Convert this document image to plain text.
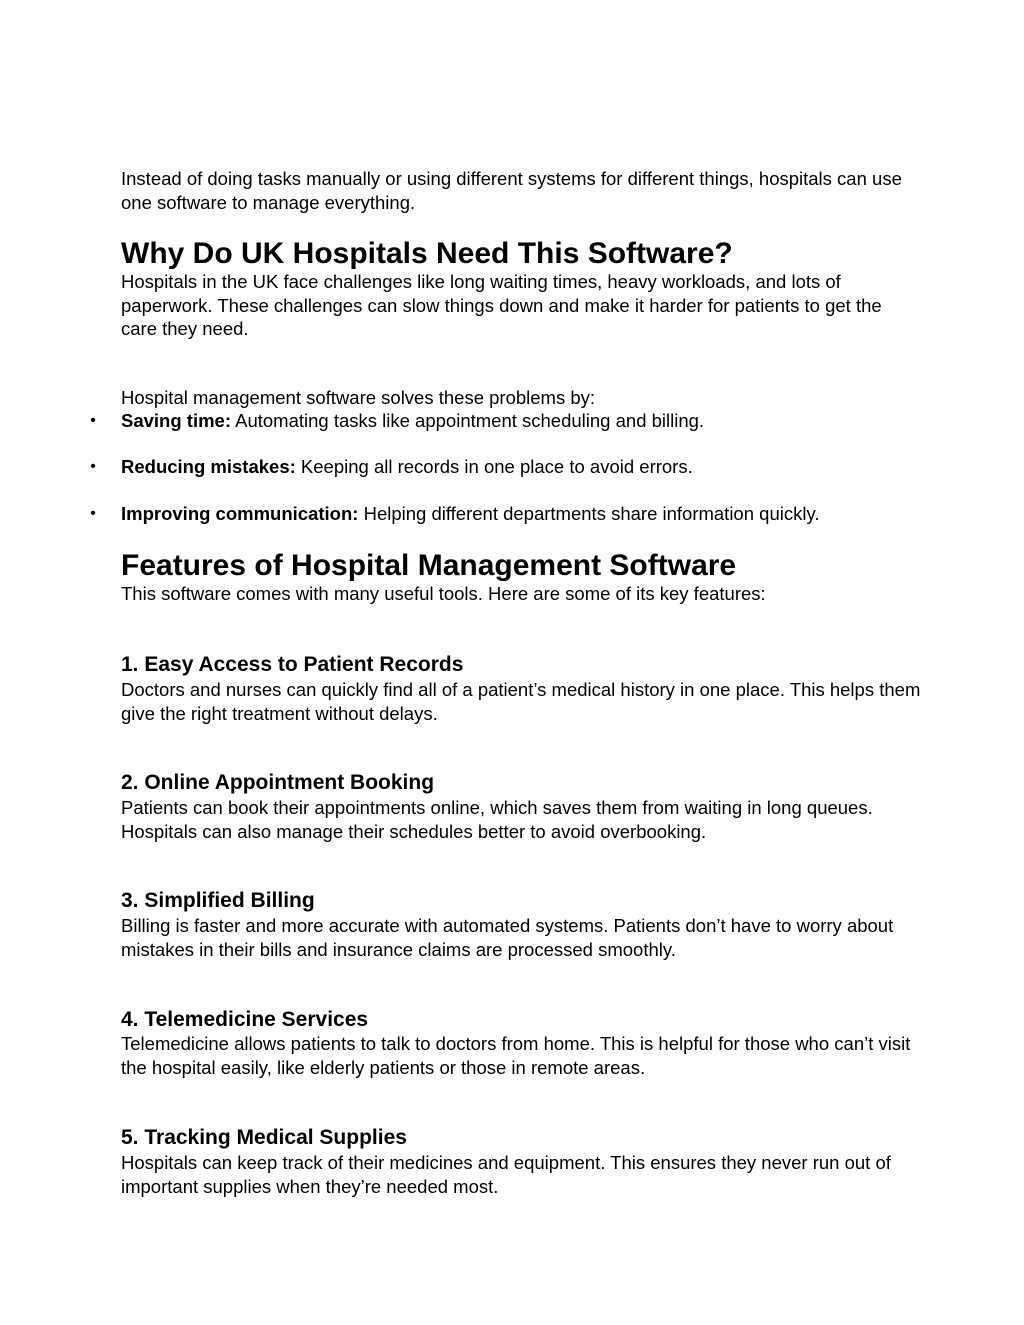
Instead of doing tasks manually or using different systems for different things, hospitals can use one software to manage everything.

Why Do UK Hospitals Need This Software?

Hospitals in the UK face challenges like long waiting times, heavy workloads, and lots of paperwork. These challenges can slow things down and make it harder for patients to get the care they need.

Hospital management software solves these problems by:

• Saving time: Automating tasks like appointment scheduling and billing.
• Reducing mistakes: Keeping all records in one place to avoid errors.
• Improving communication: Helping different departments share information quickly.
Features of Hospital Management Software

This software comes with many useful tools. Here are some of its key features:

1. Easy Access to Patient Records

Doctors and nurses can quickly find all of a patient’s medical history in one place. This helps them give the right treatment without delays.

2. Online Appointment Booking

Patients can book their appointments online, which saves them from waiting in long queues. Hospitals can also manage their schedules better to avoid overbooking.

3. Simplified Billing

Billing is faster and more accurate with automated systems. Patients don’t have to worry about mistakes in their bills and insurance claims are processed smoothly.

4. Telemedicine Services

Telemedicine allows patients to talk to doctors from home. This is helpful for those who can’t visit the hospital easily, like elderly patients or those in remote areas.

5. Tracking Medical Supplies

Hospitals can keep track of their medicines and equipment. This ensures they never run out of important supplies when they’re needed most.
